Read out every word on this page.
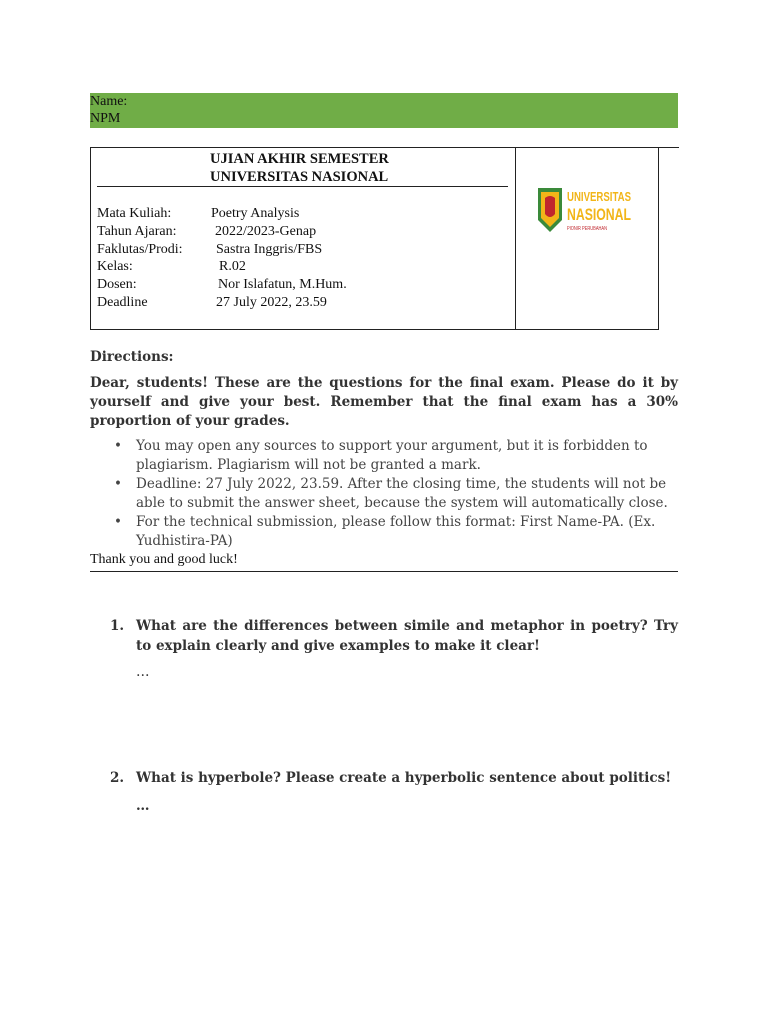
Name:
NPM
UJIAN AKHIR SEMESTER
UNIVERSITAS NASIONAL
Mata Kuliah:	Poetry Analysis
Tahun Ajaran:	2022/2023-Genap
Faklutas/Prodi: Sastra Inggris/FBS
Kelas:	R.02
Dosen:	Nor Islafatun, M.Hum.
Deadline	27 July 2022, 23.59
UNIVERSITAS
NASIONAL
PIONIR PERUBAHAN

Directions:

Dear, students! These are the questions for the final exam. Please do it by yourself and give your best. Remember that the final exam has a 30% proportion of your grades.

• You may open any sources to support your argument, but it is forbidden to plagiarism. Plagiarism will not be granted a mark.
• Deadline: 27 July 2022, 23.59. After the closing time, the students will not be able to submit the answer sheet, because the system will automatically close.
• For the technical submission, please follow this format: First Name-PA. (Ex. Yudhistira-PA)

Thank you and good luck!

1. What are the differences between simile and metaphor in poetry? Try to explain clearly and give examples to make it clear!
…
2. What is hyperbole? Please create a hyperbolic sentence about politics!
…
